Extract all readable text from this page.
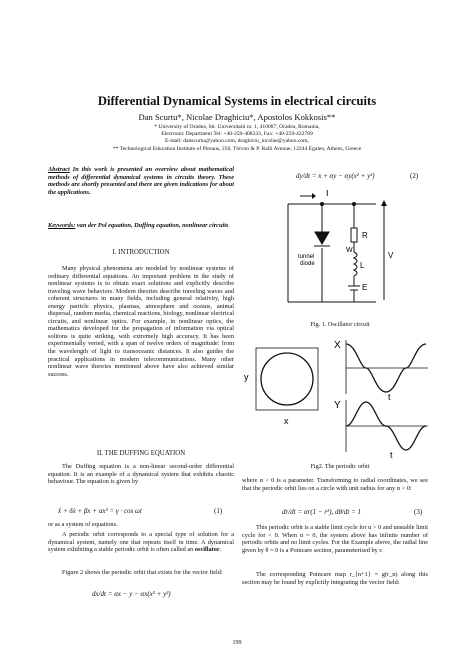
Differential Dynamical Systems in electrical circuits
Dan Scurtu*, Nicolae Draghiciu*, Apostolos Kokkosis**
* University of Oradea, Str. Universitatii nr. 1, 410087, Oradea, Romania,
Electronic Department Tel: +40-259-408233, Fax: +40-259-432789
E-mail: danscurtu@yahoo.com, draghiciu_nicolae@yahoo.com,
** Technological Education Institute of Pireaus, 250, Thivon & P. Ralli Avenue, 12244 Egaleo, Athens, Greece
Abstract In this work is presented an overview about mathematical methods of differential dynamical systems in circuits theory. These methods are shortly presented and there are given indications for about the applications.
Keywords: van der Pol equation, Duffing equation, nonlinear circuits
I. INTRODUCTION
Many physical phenomena are modeled by nonlinear systems of ordinary differential equations. An important problem in the study of nonlinear systems is to obtain exact solutions and explicitly describe traveling wave behaviors. Modern theories describe traveling waves and coherent structures in many fields, including general relativity, high energy particle physics, plasmas, atmosphere and oceans, animal dispersal, random media, chemical reactions, biology, nonlinear electrical circuits, and nonlinear optics. For example, in nonlinear optics, the mathematics developed for the propagation of information via optical solitons is quite striking, with extremely high accuracy. It has been experimentally veried, with a span of twelve orders of magnitude: from the wavelength of light to transoceanic distances. It also guides the practical applications in modern telecommunications. Many other nonlinear wave theories mentioned above have also achieved similar success.
II. THE DUFFING EQUATION
The Duffing equation is a non-linear second-order differential equation. It is an example of a dynamical system that exhibits chaotic behaviour. The equation is given by
ẍ + δẋ + βx + αx³ = γ · cos ωt	(1)
or as a system of equations.
A periodic orbit corresponds to a special type of solution for a dynamical system, namely one that repeats itself in time. A dynamical system exhibiting a stable periodic orbit is often called an oscillator.
Figure 2 shows the periodic orbit that exists for the vector field:
dx/dt = αx − y − αx(x² + y²)
dy/dt = x + αy − αy(x² + y²)	(2)
I
R
W
L
E
V
tunnel
diode
Fig. 1. Oscillator circuit
y
x
X
Y
t
t
Fig2. The periodic orbit
where α > 0 is a parameter. Transforming to radial coordinates, we see that the periodic orbit lies on a circle with unit radius for any α > 0:
dr/dt = αr(1 − r²), dθ/dt = 1	(3)
This periodic orbit is a stable limit cycle for α > 0 and unstable limit cycle for < 0. When α = 0, the system above has infinite number of periodic orbits and no limit cycles. For the Example above, the radial line given by θ = 0 is a Poincare section, parameterised by r.
The corresponding Poincare map r_{n+1} = g(r_n) along this section may be found by explicitly integrating the vector field:
199
